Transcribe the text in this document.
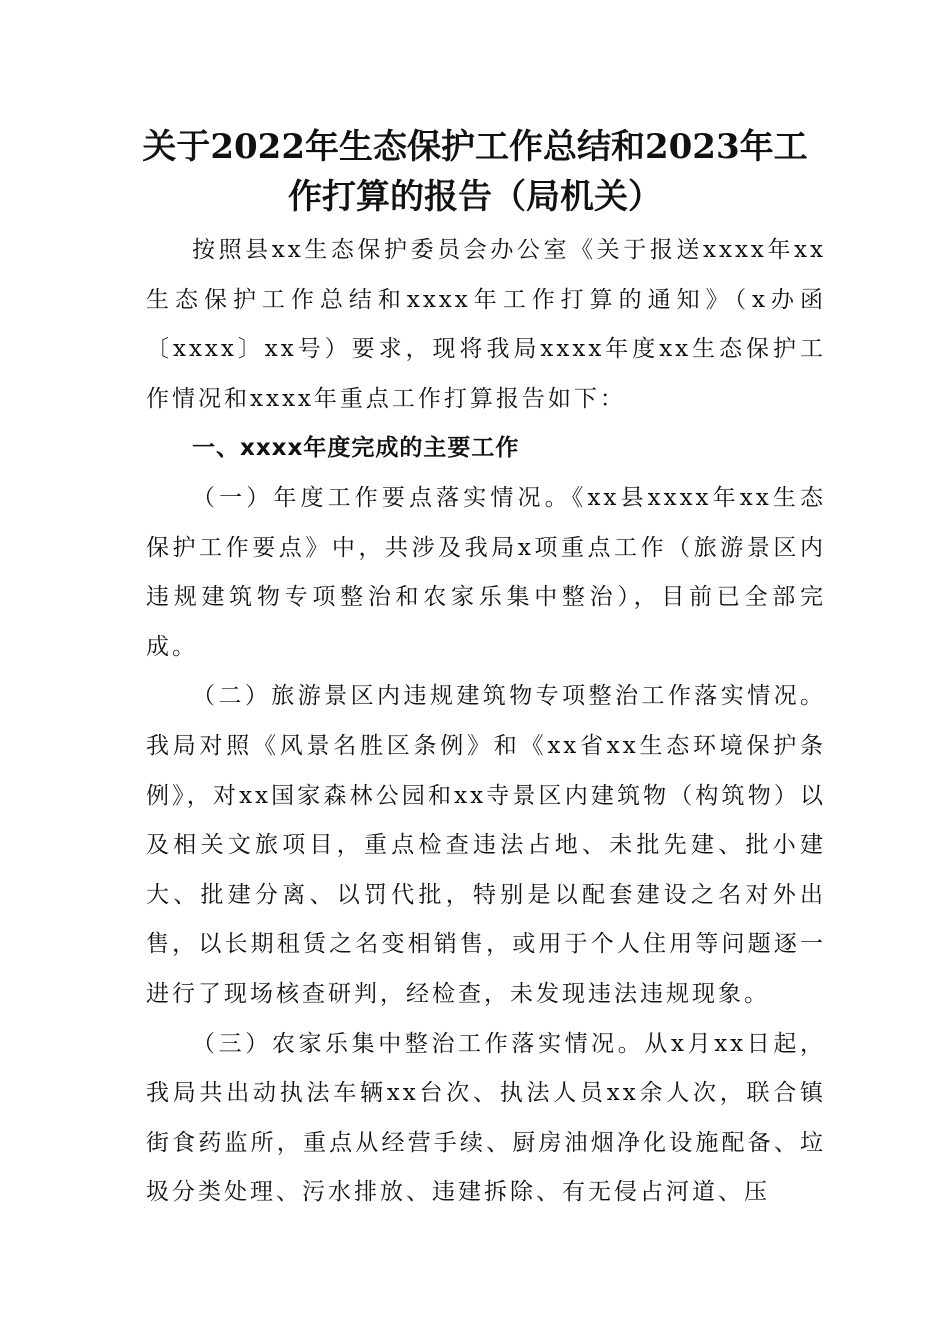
关于2022年生态保护工作总结和2023年工作打算的报告（局机关）

按照县xx生态保护委员会办公室《关于报送xxxx年xx生态保护工作总结和xxxx年工作打算的通知》（x办函〔xxxx〕xx号）要求，现将我局xxxx年度xx生态保护工作情况和xxxx年重点工作打算报告如下：

一、xxxx年度完成的主要工作

（一）年度工作要点落实情况。《xx县xxxx年xx生态保护工作要点》中，共涉及我局x项重点工作（旅游景区内违规建筑物专项整治和农家乐集中整治），目前已全部完成。

（二）旅游景区内违规建筑物专项整治工作落实情况。我局对照《风景名胜区条例》和《xx省xx生态环境保护条例》，对xx国家森林公园和xx寺景区内建筑物（构筑物）以及相关文旅项目，重点检查违法占地、未批先建、批小建大、批建分离、以罚代批，特别是以配套建设之名对外出售，以长期租赁之名变相销售，或用于个人住用等问题逐一进行了现场核查研判，经检查，未发现违法违规现象。

（三）农家乐集中整治工作落实情况。从x月xx日起，我局共出动执法车辆xx台次、执法人员xx余人次，联合镇街食药监所，重点从经营手续、厨房油烟净化设施配备、垃圾分类处理、污水排放、违建拆除、有无侵占河道、压
